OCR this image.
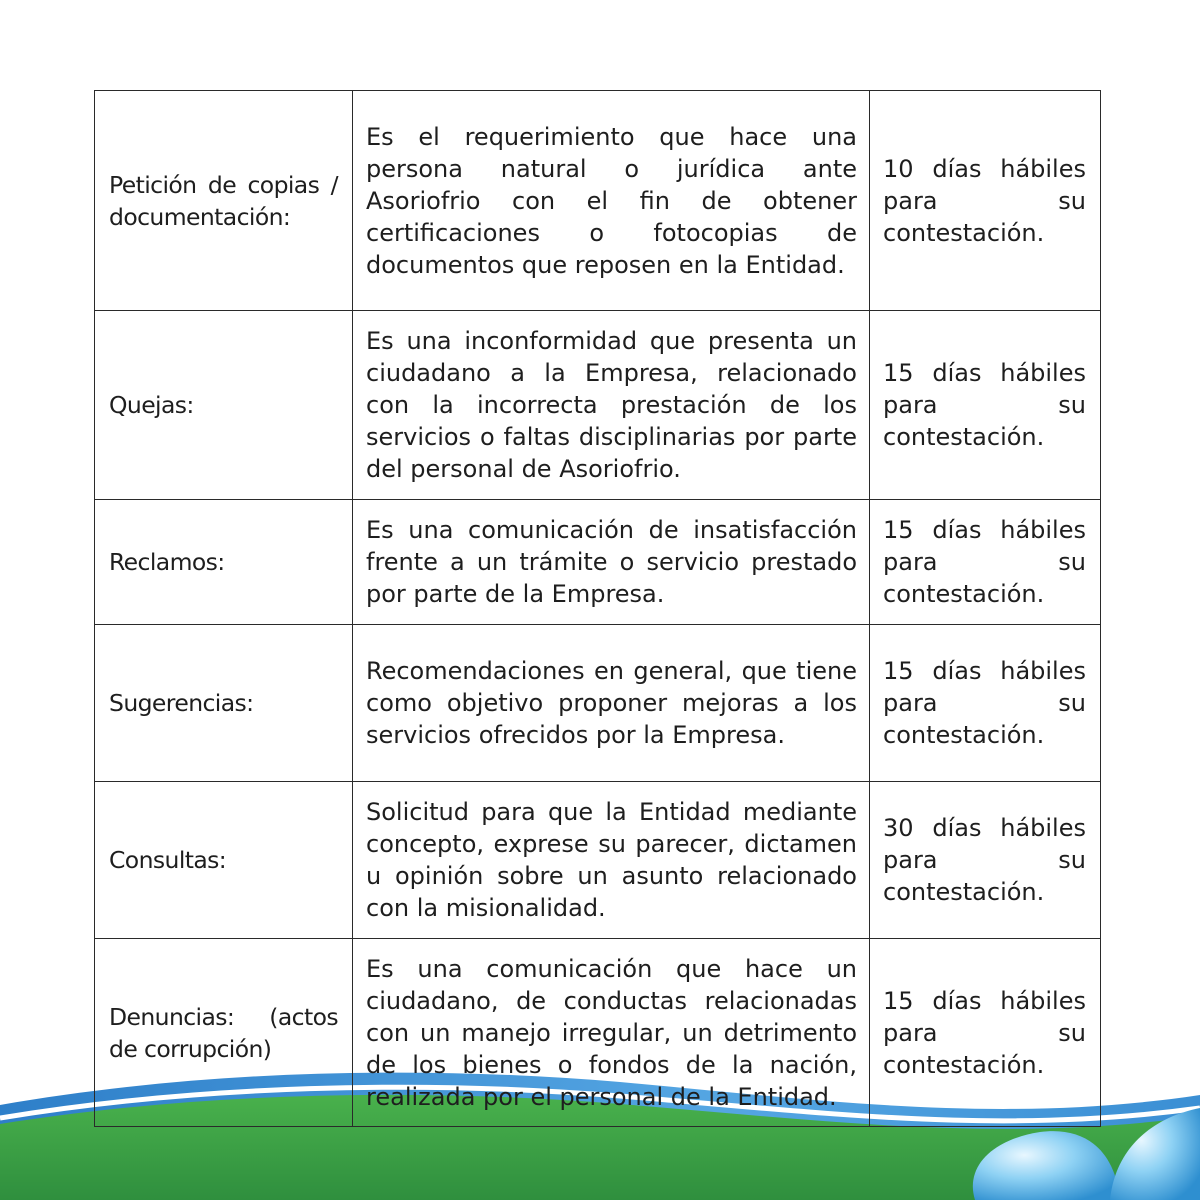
Petición de copias / documentación:	Es el requerimiento que hace una persona natural o jurídica ante Asoriofrio con el fin de obtener certificaciones o fotocopias de documentos que reposen en la Entidad.	10 días hábiles
para su
contestación.

Quejas:	Es una inconformidad que presenta un ciudadano a la Empresa, relacionado con la incorrecta prestación de los servicios o faltas disciplinarias por parte del personal de Asoriofrio.	15 días hábiles
para su
contestación.

Reclamos:	Es una comunicación de insatisfacción frente a un trámite o servicio prestado por parte de la Empresa.	15 días hábiles
para su
contestación.

Sugerencias:	Recomendaciones en general, que tiene como objetivo proponer mejoras a los servicios ofrecidos por la Empresa.	15 días hábiles
para su
contestación.

Consultas:	Solicitud para que la Entidad mediante concepto, exprese su parecer, dictamen u opinión sobre un asunto relacionado con la misionalidad.	30 días hábiles
para su
contestación.

Denuncias: (actos de corrupción)	Es una comunicación que hace un ciudadano, de conductas relacionadas con un manejo irregular, un detrimento de los bienes o fondos de la nación, realizada por el personal de la Entidad.	15 días hábiles
para su
contestación.
